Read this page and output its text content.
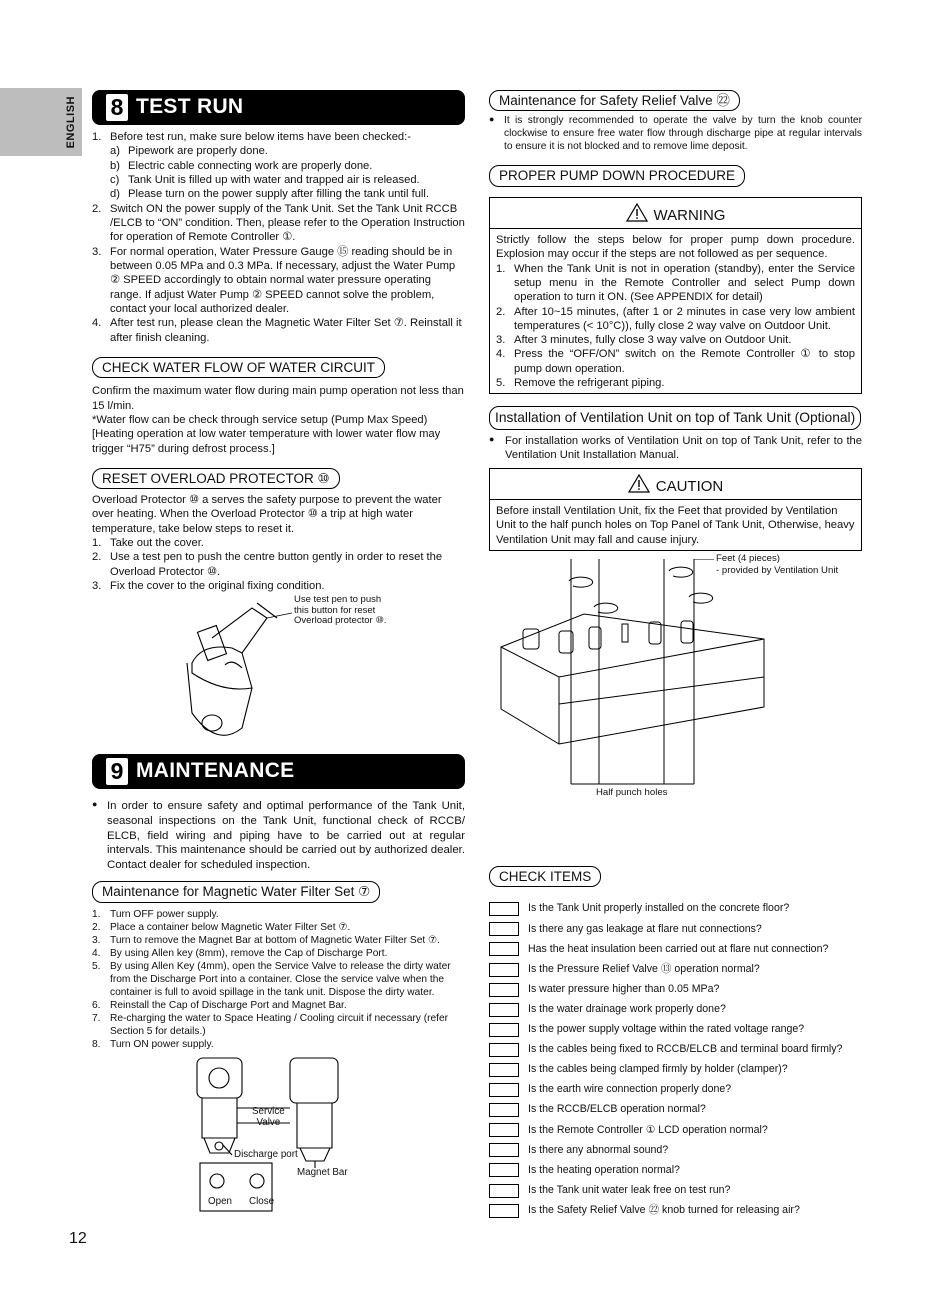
ENGLISH 8 TEST RUN
1. Before test run, make sure below items have been checked:-
a) Pipework are properly done.
b) Electric cable connecting work are properly done.
c) Tank Unit is filled up with water and trapped air is released.
d) Please turn on the power supply after filling the tank until full.
2. Switch ON the power supply of the Tank Unit. Set the Tank Unit RCCB /ELCB to “ON” condition. Then, please refer to the Operation Instruction for operation of Remote Controller ①.
3. For normal operation, Water Pressure Gauge ⑮ reading should be in between 0.05 MPa and 0.3 MPa. If necessary, adjust the Water Pump ② SPEED accordingly to obtain normal water pressure operating range. If adjust Water Pump ② SPEED cannot solve the problem, contact your local authorized dealer.
4. After test run, please clean the Magnetic Water Filter Set ⑦. Reinstall it after finish cleaning.
CHECK WATER FLOW OF WATER CIRCUIT

Confirm the maximum water flow during main pump operation not less than 15 l/min.

*Water flow can be check through service setup (Pump Max Speed) [Heating operation at low water temperature with lower water flow may trigger “H75” during defrost process.]

RESET OVERLOAD PROTECTOR ⑩

Overload Protector ⑩ a serves the safety purpose to prevent the water over heating. When the Overload Protector ⑩ a trip at high water temperature, take below steps to reset it.

1. Take out the cover.
2. Use a test pen to push the centre button gently in order to reset the Overload Protector ⑩.
3. Fix the cover to the original fixing condition.
Use test pen to push
this button for reset
Overload protector ⑩.
9 MAINTENANCE
● In order to ensure safety and optimal performance of the Tank Unit, seasonal inspections on the Tank Unit, functional check of RCCB/ ELCB, field wiring and piping have to be carried out at regular intervals. This maintenance should be carried out by authorized dealer. Contact dealer for scheduled inspection.
Maintenance for Magnetic Water Filter Set ⑦
1. Turn OFF power supply.
2. Place a container below Magnetic Water Filter Set ⑦.
3. Turn to remove the Magnet Bar at bottom of Magnetic Water Filter Set ⑦.
4. By using Allen key (8mm), remove the Cap of Discharge Port.
5. By using Allen Key (4mm), open the Service Valve to release the dirty water from the Discharge Port into a container. Close the service valve when the container is full to avoid spillage in the tank unit. Dispose the dirty water.
6. Reinstall the Cap of Discharge Port and Magnet Bar.
7. Re-charging the water to Space Heating / Cooling circuit if necessary (refer Section 5 for details.)
8. Turn ON power supply.
Service
Valve
Discharge port
Magnet Bar
Open Close
Maintenance for Safety Relief Valve ㉒
● It is strongly recommended to operate the valve by turn the knob counter clockwise to ensure free water flow through discharge pipe at regular intervals to ensure it is not blocked and to remove lime deposit.
PROPER PUMP DOWN PROCEDURE
WARNING

Strictly follow the steps below for proper pump down procedure. Explosion may occur if the steps are not followed as per sequence.

1. When the Tank Unit is not in operation (standby), enter the Service setup menu in the Remote Controller and select Pump down operation to turn it ON. (See APPENDIX for detail)
2. After 10~15 minutes, (after 1 or 2 minutes in case very low ambient temperatures (< 10°C)), fully close 2 way valve on Outdoor Unit.
3. After 3 minutes, fully close 3 way valve on Outdoor Unit.
4. Press the “OFF/ON” switch on the Remote Controller ① to stop pump down operation.
5. Remove the refrigerant piping.
Installation of Ventilation Unit on top of Tank Unit (Optional)
● For installation works of Ventilation Unit on top of Tank Unit, refer to the Ventilation Unit Installation Manual.
CAUTION
Before install Ventilation Unit, fix the Feet that provided by Ventilation Unit to the half punch holes on Top Panel of Tank Unit, Otherwise, heavy Ventilation Unit may fall and cause injury.
Feet (4 pieces)
- provided by Ventilation Unit
Half punch holes
CHECK ITEMS
Is the Tank Unit properly installed on the concrete floor?
Is there any gas leakage at flare nut connections?
Has the heat insulation been carried out at flare nut connection?
Is the Pressure Relief Valve ⑬ operation normal?
Is water pressure higher than 0.05 MPa?
Is the water drainage work properly done?
Is the power supply voltage within the rated voltage range?
Is the cables being fixed to RCCB/ELCB and terminal board firmly?
Is the cables being clamped firmly by holder (clamper)?
Is the earth wire connection properly done?
Is the RCCB/ELCB operation normal?
Is the Remote Controller ① LCD operation normal?
Is there any abnormal sound?
Is the heating operation normal?
Is the Tank unit water leak free on test run?
Is the Safety Relief Valve ㉒ knob turned for releasing air?
12
